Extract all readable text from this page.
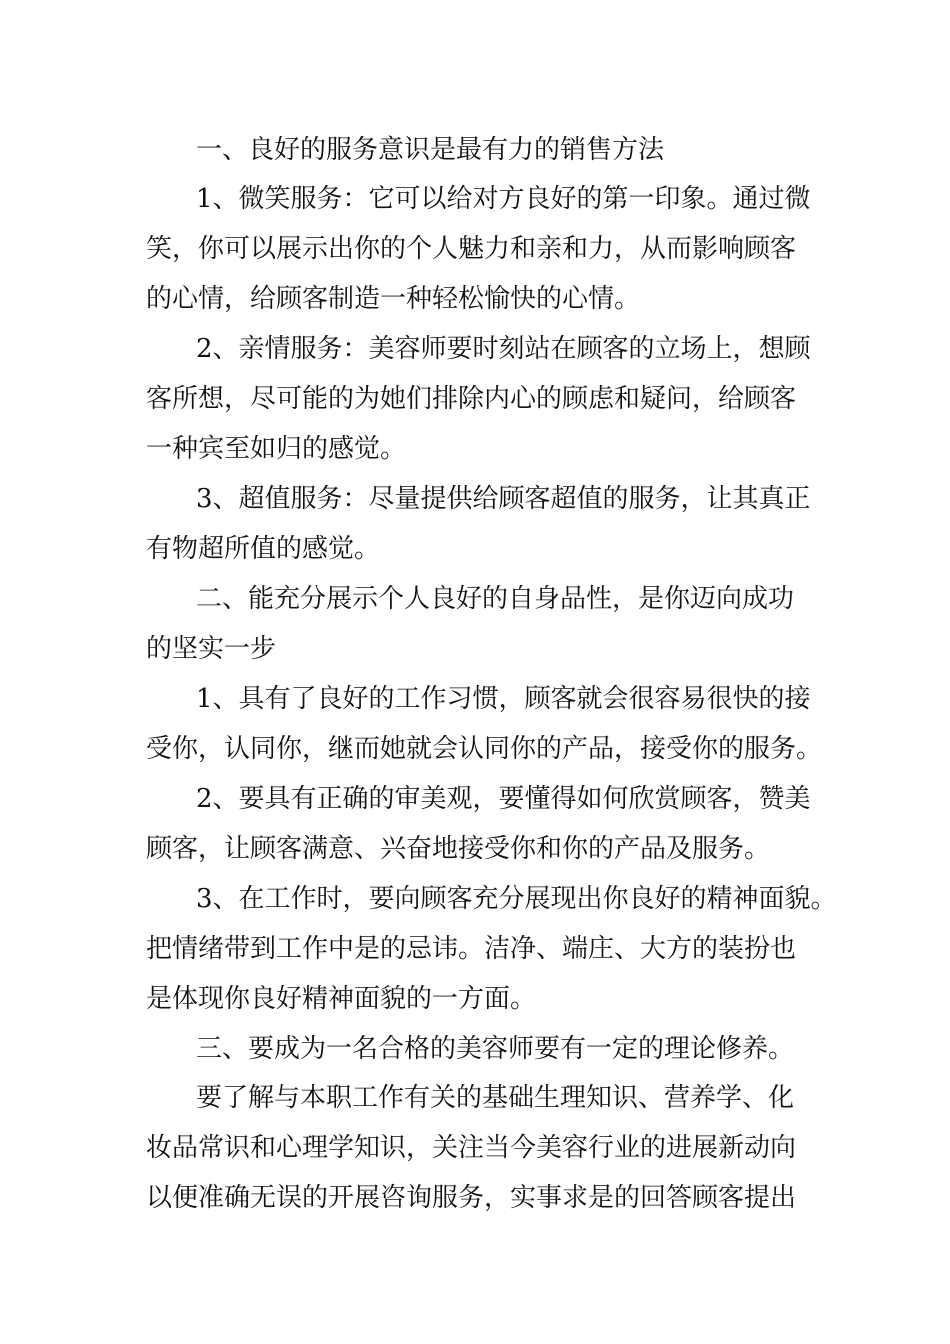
一、良好的服务意识是最有力的销售方法
1、微笑服务：它可以给对方良好的第一印象。通过微
笑，你可以展示出你的个人魅力和亲和力，从而影响顾客
的心情，给顾客制造一种轻松愉快的心情。
2、亲情服务：美容师要时刻站在顾客的立场上，想顾
客所想，尽可能的为她们排除内心的顾虑和疑问，给顾客
一种宾至如归的感觉。
3、超值服务：尽量提供给顾客超值的服务，让其真正
有物超所值的感觉。
二、能充分展示个人良好的自身品性，是你迈向成功
的坚实一步
1、具有了良好的工作习惯，顾客就会很容易很快的接
受你，认同你，继而她就会认同你的产品，接受你的服务。
2、要具有正确的审美观，要懂得如何欣赏顾客，赞美
顾客，让顾客满意、兴奋地接受你和你的产品及服务。
3、在工作时，要向顾客充分展现出你良好的精神面貌。
把情绪带到工作中是的忌讳。洁净、端庄、大方的装扮也
是体现你良好精神面貌的一方面。
三、要成为一名合格的美容师要有一定的理论修养。
要了解与本职工作有关的基础生理知识、营养学、化
妆品常识和心理学知识，关注当今美容行业的进展新动向
以便准确无误的开展咨询服务，实事求是的回答顾客提出
